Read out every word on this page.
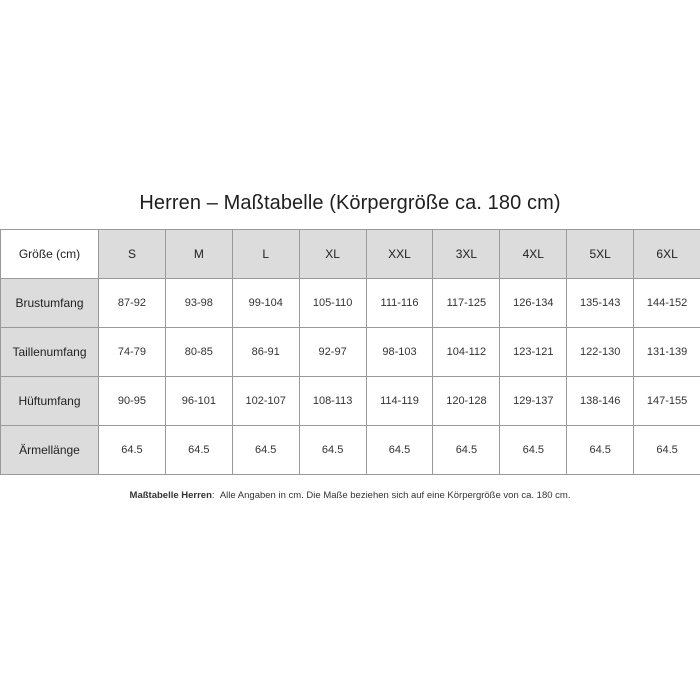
Herren – Maßtabelle (Körpergröße ca. 180 cm)
Größe (cm)	S	M	L	XL	XXL	3XL	4XL	5XL	6XL
Brustumfang	87-92	93-98	99-104	105-110	111-116	117-125	126-134	135-143	144-152
Taillenumfang	74-79	80-85	86-91	92-97	98-103	104-112	123-121	122-130	131-139
Hüftumfang	90-95	96-101	102-107	108-113	114-119	120-128	129-137	138-146	147-155
Ärmellänge	64.5	64.5	64.5	64.5	64.5	64.5	64.5	64.5	64.5
Maßtabelle Herren: Alle Angaben in cm. Die Maße beziehen sich auf eine Körpergröße von ca. 180 cm.
